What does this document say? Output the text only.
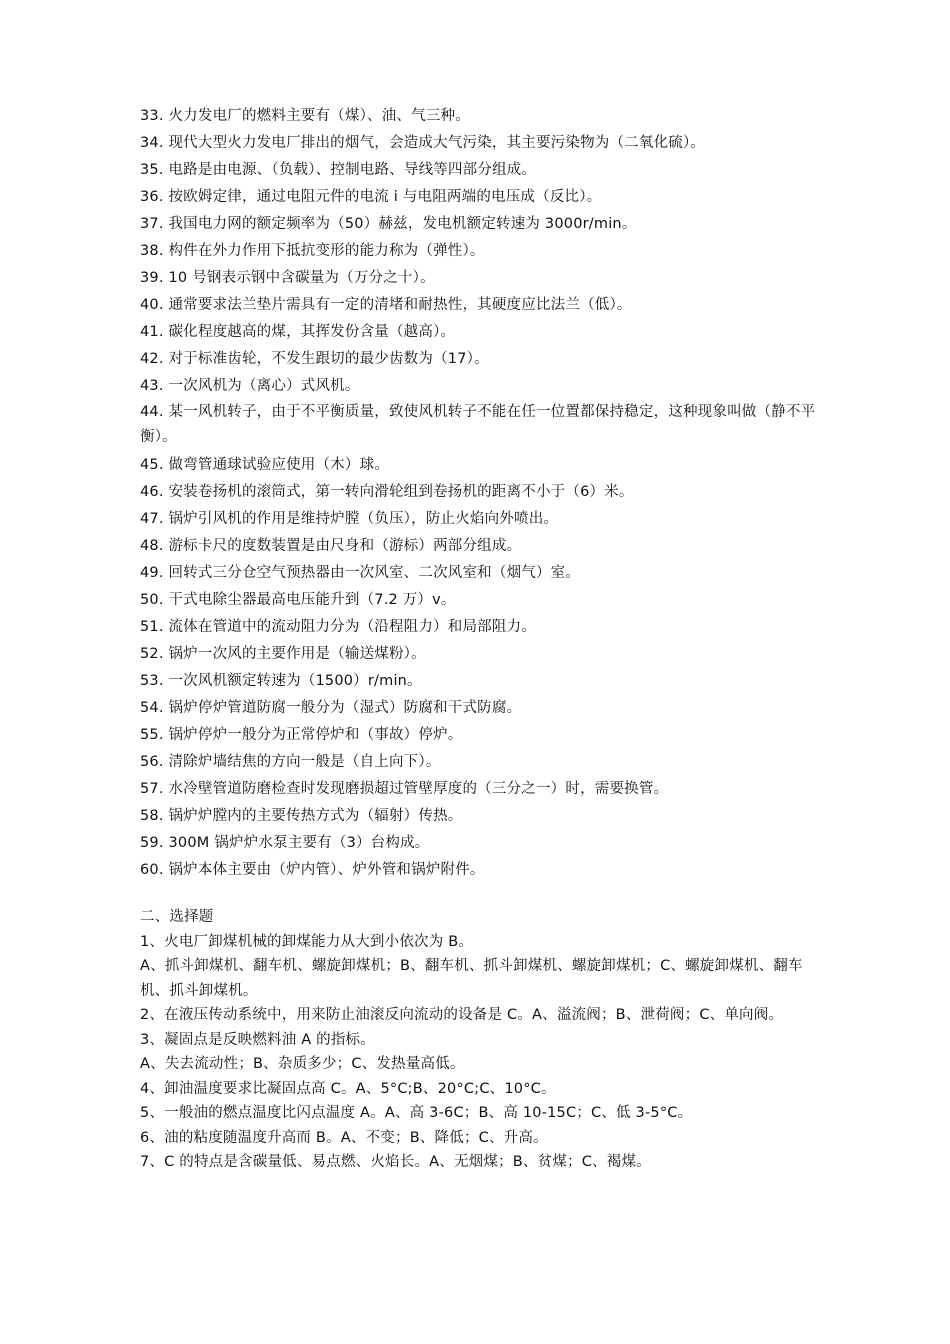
33. 火力发电厂的燃料主要有（煤）、油、气三种。
34. 现代大型火力发电厂排出的烟气，会造成大气污染，其主要污染物为（二氧化硫）。
35. 电路是由电源、（负载）、控制电路、导线等四部分组成。
36. 按欧姆定律，通过电阻元件的电流 i 与电阻两端的电压成（反比）。
37. 我国电力网的额定频率为（50）赫兹，发电机额定转速为 3000r/min。
38. 构件在外力作用下抵抗变形的能力称为（弹性）。
39. 10 号钢表示钢中含碳量为（万分之十）。
40. 通常要求法兰垫片需具有一定的清堵和耐热性，其硬度应比法兰（低）。
41. 碳化程度越高的煤，其挥发份含量（越高）。
42. 对于标准齿轮，不发生跟切的最少齿数为（17）。
43. 一次风机为（离心）式风机。
44. 某一风机转子，由于不平衡质量，致使风机转子不能在任一位置都保持稳定，这种现象叫做（静不平衡）。
45. 做弯管通球试验应使用（木）球。
46. 安装卷扬机的滚筒式，第一转向滑轮组到卷扬机的距离不小于（6）米。
47. 锅炉引风机的作用是维持炉膛（负压），防止火焰向外喷出。
48. 游标卡尺的度数装置是由尺身和（游标）两部分组成。
49. 回转式三分仓空气预热器由一次风室、二次风室和（烟气）室。
50. 干式电除尘器最高电压能升到（7.2 万）v。
51. 流体在管道中的流动阻力分为（沿程阻力）和局部阻力。
52. 锅炉一次风的主要作用是（输送煤粉）。
53. 一次风机额定转速为（1500）r/min。
54. 锅炉停炉管道防腐一般分为（湿式）防腐和干式防腐。
55. 锅炉停炉一般分为正常停炉和（事故）停炉。
56. 清除炉墙结焦的方向一般是（自上向下）。
57. 水冷壁管道防磨检查时发现磨损超过管壁厚度的（三分之一）时，需要换管。
58. 锅炉炉膛内的主要传热方式为（辐射）传热。
59. 300M 锅炉炉水泵主要有（3）台构成。
60. 锅炉本体主要由（炉内管）、炉外管和锅炉附件。
二、选择题
1、火电厂卸煤机械的卸煤能力从大到小依次为 B。
A、抓斗卸煤机、翻车机、螺旋卸煤机；B、翻车机、抓斗卸煤机、螺旋卸煤机；C、螺旋卸煤机、翻车机、抓斗卸煤机。
2、在液压传动系统中，用来防止油滚反向流动的设备是 C。A、溢流阀；B、泄荷阀；C、单向阀。
3、凝固点是反映燃料油 A 的指标。
A、失去流动性；B、杂质多少；C、发热量高低。
4、卸油温度要求比凝固点高 C。A、5°C;B、20°C;C、10°C。
5、一般油的燃点温度比闪点温度 A。A、高 3-6C；B、高 10-15C；C、低 3-5°C。
6、油的粘度随温度升高而 B。A、不变；B、降低；C、升高。
7、C 的特点是含碳量低、易点燃、火焰长。A、无烟煤；B、贫煤；C、褐煤。
